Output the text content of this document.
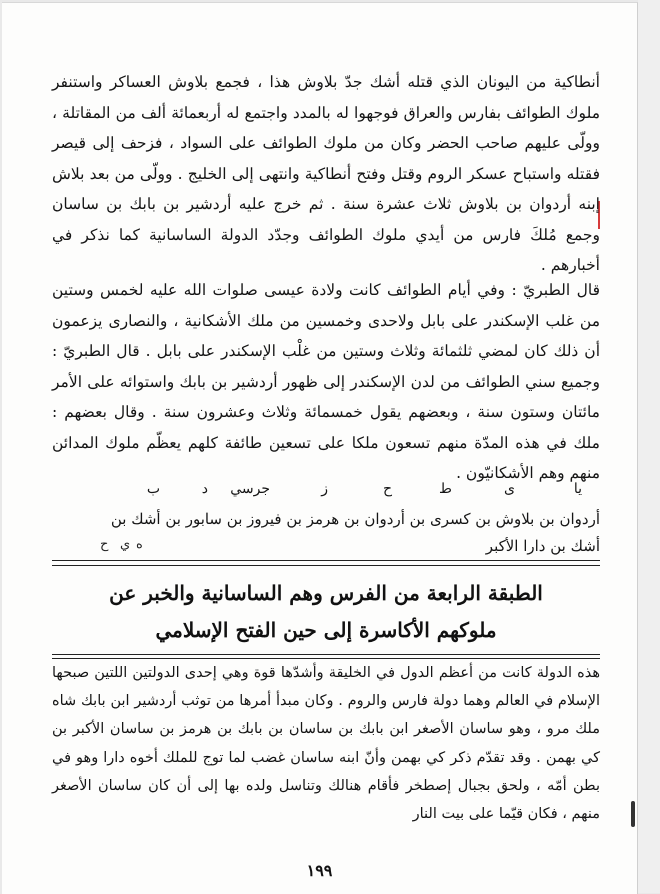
أنطاكية من اليونان الذي قتله أشك جدّ بلاوش هذا ، فجمع بلاوش العساكر واستنفر ملوك الطوائف بفارس والعراق فوجهوا له بالمدد واجتمع له أربعمائة ألف من المقاتلة ، وولّى عليهم صاحب الحضر وكان من ملوك الطوائف على السواد ، فزحف إلى قيصر فقتله واستباح عسكر الروم وقتل وفتح أنطاكية وانتهى إلى الخليج . وولّى من بعد بلاش إبنه أردوان بن بلاوش ثلاث عشرة سنة . ثم خرج عليه أردشير بن بابك بن ساسان وجمع مُلكَ فارس من أيدي ملوك الطوائف وجدّد الدولة الساسانية كما نذكر في أخبارهم .

قال الطبريّ : وفي أيام الطوائف كانت ولادة عيسى صلوات الله عليه لخمس وستين من غلب الإسكندر على بابل ولاحدى وخمسين من ملك الأشكانية ، والنصارى يزعمون أن ذلك كان لمضي ثلثمائة وثلاث وستين من غلْب الإسكندر على بابل . قال الطبريّ : وجميع سني الطوائف من لدن الإسكندر إلى ظهور أردشير بن بابك واستوائه على الأمر مائتان وستون سنة ، وبعضهم يقول خمسمائة وثلاث وعشرون سنة . وقال بعضهم : ملك في هذه المدّة منهم تسعون ملكا على تسعين طائفة كلهم يعظّم ملوك المدائن منهم وهم الأشكانيّون .

ب	د جرسي	ز	ح	ط	ى	يا
أردوان بن بلاوش بن كسرى بن أردوان بن هرمز بن فيروز بن سابور بن أشك بن
أشك بن دارا الأكبر
ه
ي
ح
الطبقة الرابعة من الفرس وهم الساسانية والخبر عن
ملوكهم الأكاسرة إلى حين الفتح الإسلامي

هذه الدولة كانت من أعظم الدول في الخليقة وأشدّها قوة وهي إحدى الدولتين اللتين صبحها الإسلام في العالم وهما دولة فارس والروم . وكان مبدأ أمرها من توثب أردشير ابن بابك شاه ملك مرو ، وهو ساسان الأصغر ابن بابك بن ساسان بن بابك بن هرمز بن ساسان الأكبر بن كي بهمن . وقد تقدّم ذكر كي بهمن وأنّ ابنه ساسان غضب لما توج للملك أخوه دارا وهو في بطن أمّه ، ولحق بجبال إصطخر فأقام هنالك وتناسل ولده بها إلى أن كان ساسان الأصغر منهم ، فكان قيّما على بيت النار

١٩٩
